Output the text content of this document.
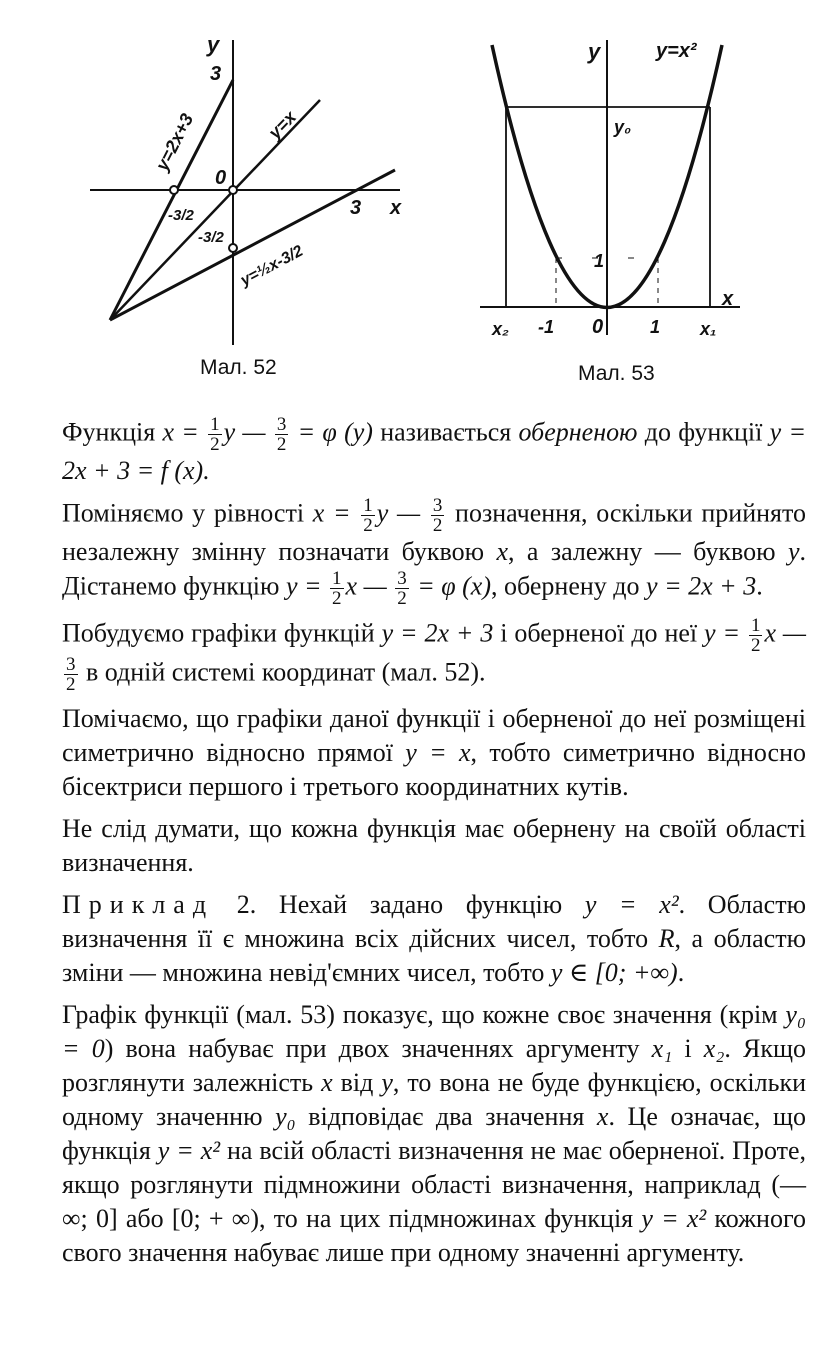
y
3
0
x
3
-3/2
-3/2
y=2x+3	y=x
y=½x-3/2
Мал. 52
y	y=x²
y₀
1
x
x₂ -1 0	1 x₁
Мал. 53

Функція $x = \frac{1}{2}$ y — $\frac{3}{2} = \varphi$ (y) називається оберненою до функції y = 2x + 3 = f (x).

Поміняємо у рівності $x = \frac{1}{2}$ y — $\frac{3}{2}$ позначення, оскільки прийнято незалежну змінну позначати буквою x, а залежну — буквою y. Дістанемо функцію $y = \frac{1}{2}$ x — $\frac{3}{2} = \varphi$ (x), обернену до y = 2x + 3.

Побудуємо графіки функцій y = 2x + 3 і оберненої до неї $y = \frac{1}{2}$ x —
$\frac{3}{2}$ в одній системі координат (мал. 52).

Помічаємо, що графіки даної функції і оберненої до неї розміщені симетрично відносно прямої y = x, тобто симетрично відносно бісектриси першого і третього координатних кутів.

Не слід думати, що кожна функція має обернену на своїй області визначення.

Приклад 2. Нехай задано функцію y = x². Областю визначення її є множина всіх дійсних чисел, тобто R, а областю зміни — множина невід'ємних чисел, тобто y ∈ [0; +∞).

Графік функції (мал. 53) показує, що кожне своє значення (крім y₀ = 0) вона набуває при двох значеннях аргументу x₁ і x₂. Якщо розглянути залежність x від y, то вона не буде функцією, оскільки одному значенню y₀ відповідає два значення x. Це означає, що функція y = x² на всій області визначення не має оберненої. Проте, якщо розглянути підмножини області визначення, наприклад (— ∞; 0] або [0; + ∞), то на цих підмножинах функція y = x² кожного свого значення набуває лише при одному значенні аргументу.
